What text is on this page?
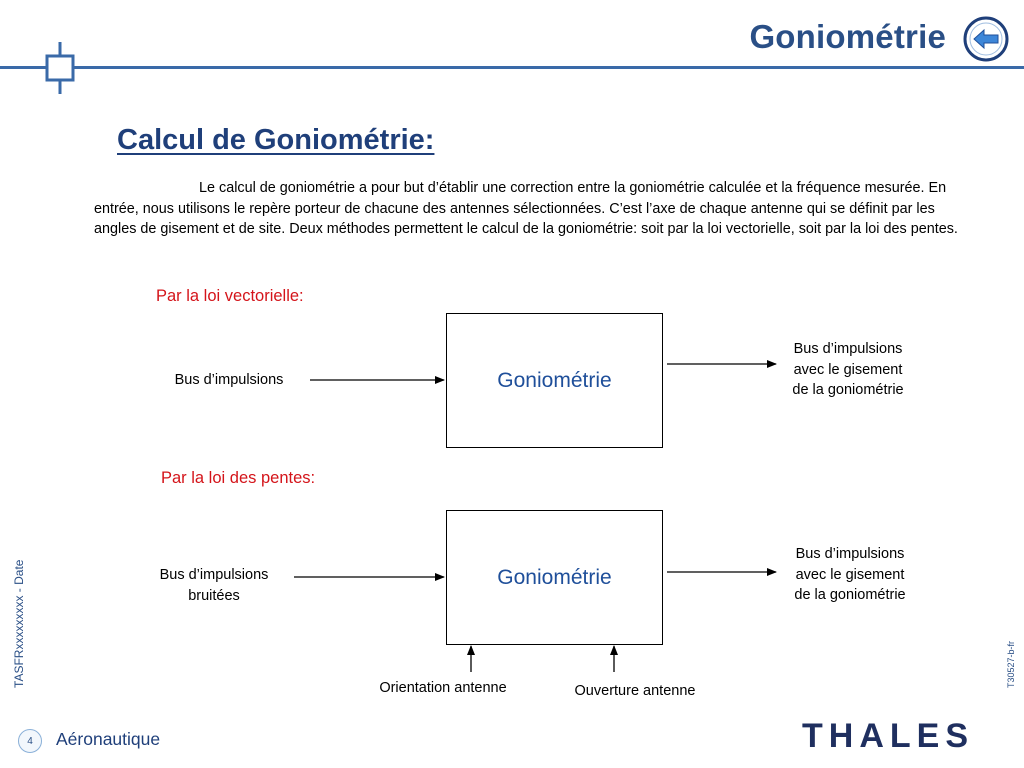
Goniométrie
Calcul de Goniométrie:
Le calcul de goniométrie a pour but d’établir une correction entre la goniométrie calculée et la fréquence mesurée. En entrée, nous utilisons le repère porteur de chacune des antennes sélectionnées. C’est l’axe de chaque antenne qui se définit par les angles de gisement et de site. Deux méthodes permettent le calcul de la goniométrie: soit par la loi vectorielle, soit par la loi des pentes.
Par la loi vectorielle:
Bus d’impulsions	Goniométrie
Bus d’impulsions
avec le gisement
de la goniométrie
Par la loi des pentes:
Bus d’impulsions
bruitées
Goniométrie
Bus d’impulsions
avec le gisement
de la goniométrie
Orientation antenne	Ouverture antenne
TASFRxxxxxxxxx - Date	T30527-b-fr
4 Aéronautique	THALES
